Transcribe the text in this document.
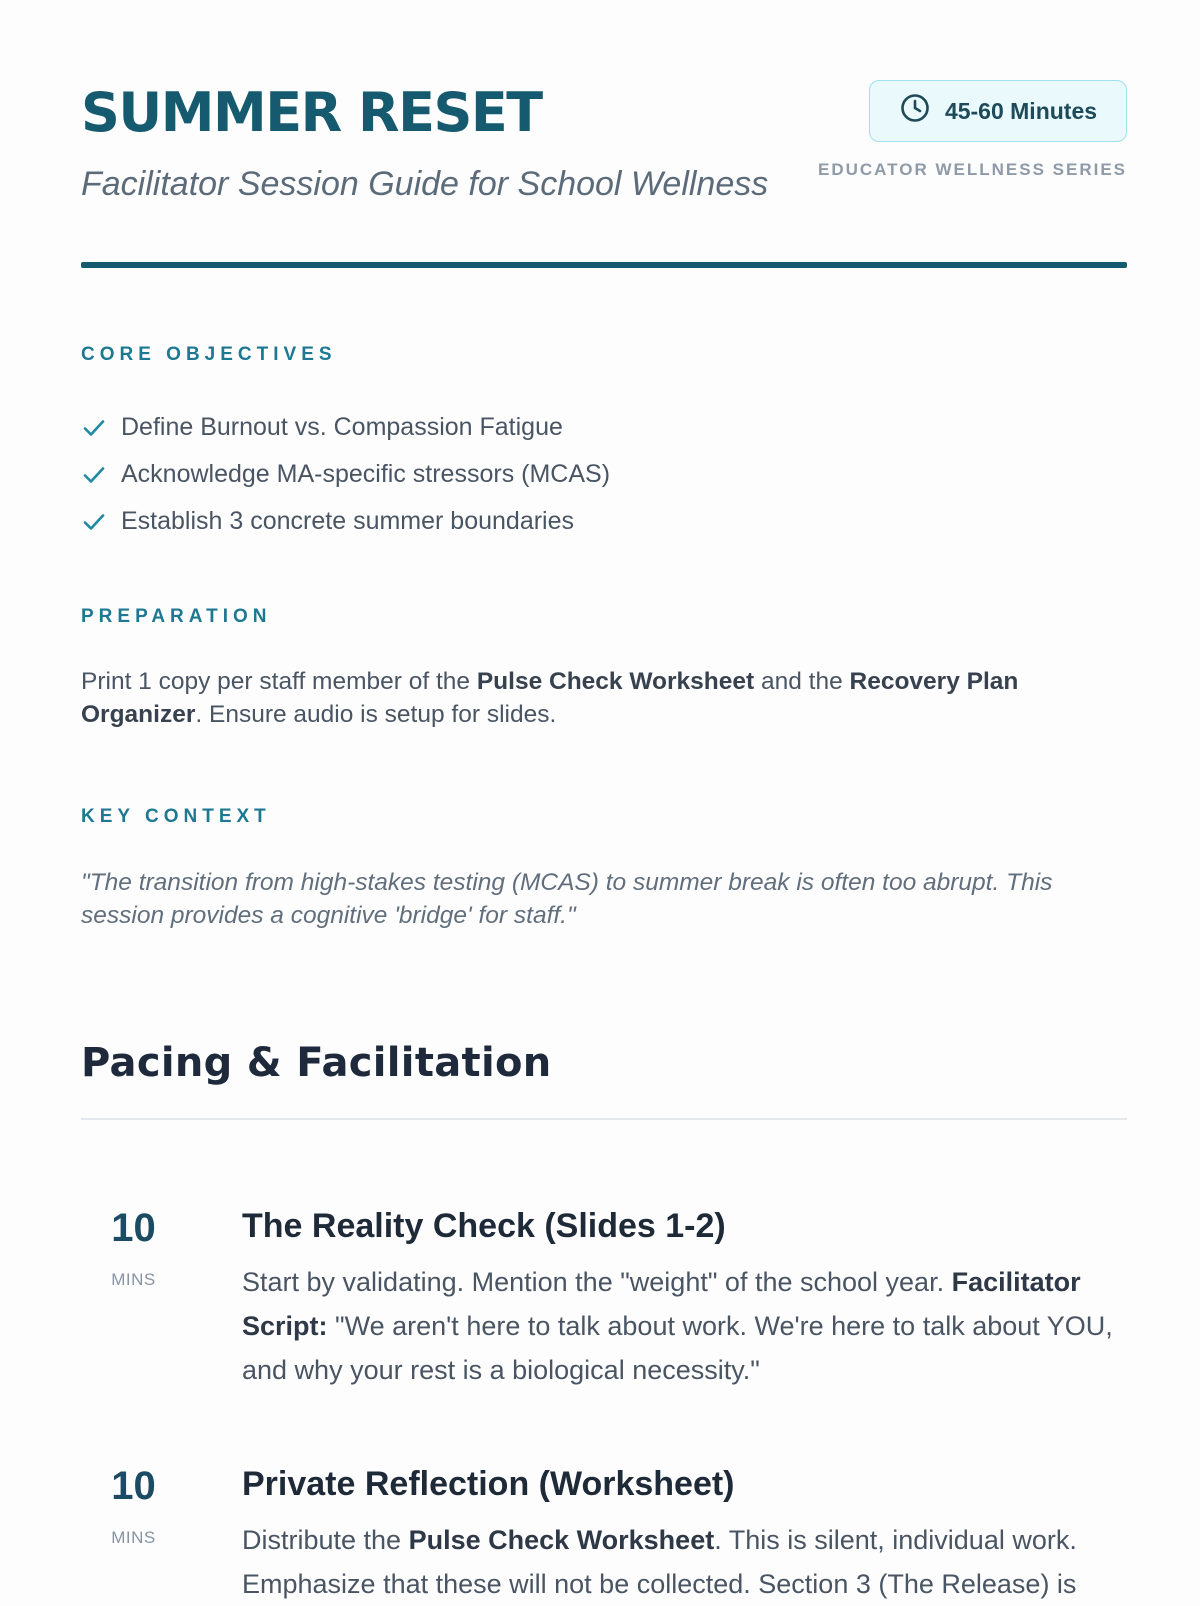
SUMMER RESET

Facilitator Session Guide for School Wellness

45-60 Minutes
EDUCATOR WELLNESS SERIES
CORE OBJECTIVES
Define Burnout vs. Compassion Fatigue
Acknowledge MA-specific stressors (MCAS)
Establish 3 concrete summer boundaries
PREPARATION

Print 1 copy per staff member of the Pulse Check Worksheet and the Recovery Plan Organizer. Ensure audio is setup for slides.

KEY CONTEXT

"The transition from high-stakes testing (MCAS) to summer break is often too abrupt. This session provides a cognitive 'bridge' for staff."

Pacing & Facilitation
10
MINS
The Reality Check (Slides 1-2)

Start by validating. Mention the "weight" of the school year. Facilitator Script: "We aren't here to talk about work. We're here to talk about YOU, and why your rest is a biological necessity."

10
MINS
Private Reflection (Worksheet)

Distribute the Pulse Check Worksheet. This is silent, individual work. Emphasize that these will not be collected. Section 3 (The Release) is
